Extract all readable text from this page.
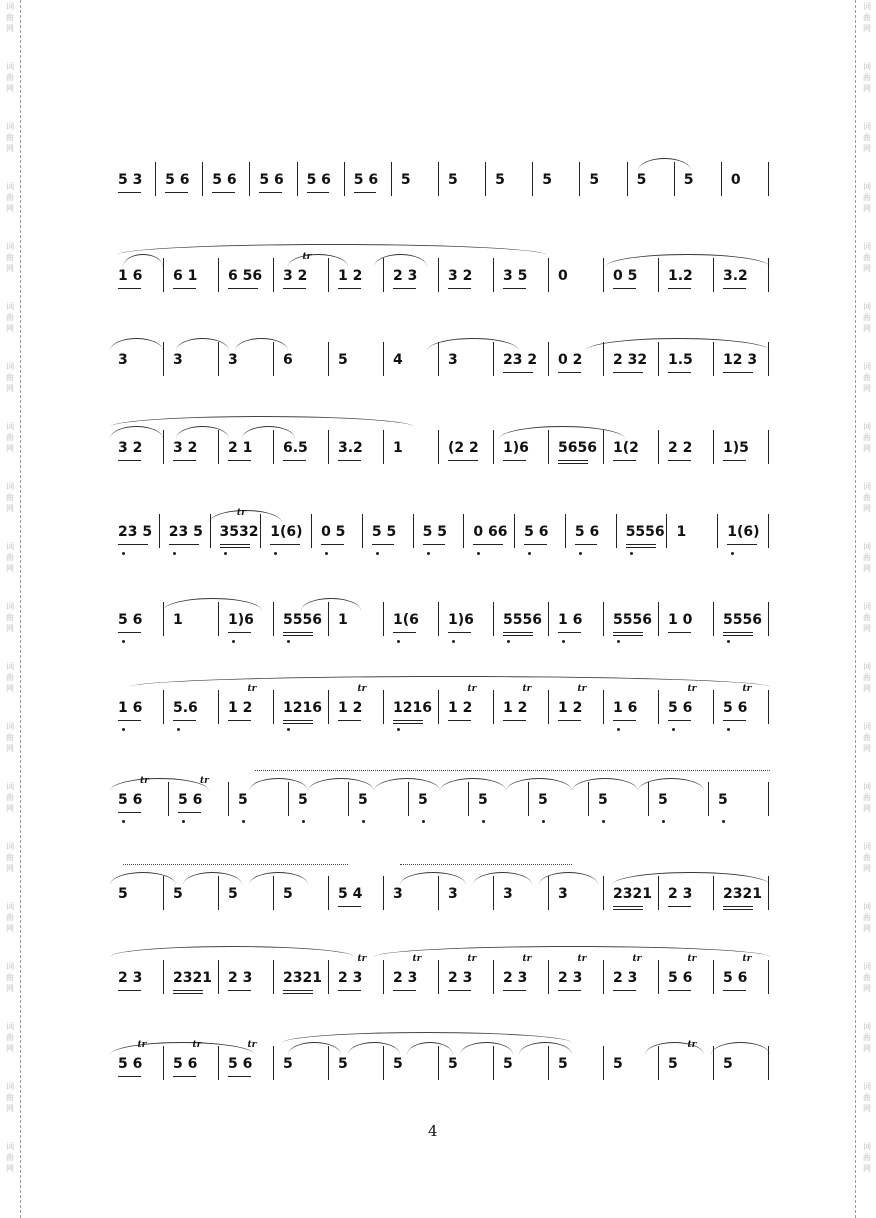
词
曲
网
词
曲
网
词
曲
网
词
曲
网
词
曲
网
词
曲
网
词
曲
网
词
曲
网
词
曲
网
词
曲
网
词
曲
网
词
曲
网
词
曲
网
词
曲
网
词
曲
网
词
曲
网
词
曲
网
词
曲
网
词
曲
网
词
曲
网
词
曲
网
词
曲
网
词
曲
网
词
曲
网
词
曲
网
词
曲
网
词
曲
网
词
曲
网
词
曲
网
词
曲
网
词
曲
网
词
曲
网
词
曲
网
词
曲
网
词
曲
网
词
曲
网
词
曲
网
词
曲
网
词
曲
网
词
曲
网
5 3 5 6 5 6 5 6 5 6 5 6 5	5	5	5	5	5	5	0
1 6 6 1 6 56 3 2 1 2 2 3 3 2 3 5 0	0 5 1.2 3.2
tr
3	3	3	6	5	4	3	23 2 0 2 2 32 1.5 12 3
3 2 3 2 2 1 6.5 3.2 1	(2 2 1)6 5656 1(2 2 2 1)5
23 5 23 5 3532 1(6) 0 5 5 5 5 5 0 66 5 6 5 6 5556 1	1(6)
tr
5 6 1	1)6 5556 1	1(6 1)6 5556 1 6 5556 1 0 5556
1 6 5.6 1 2 1216 1 2 1216 1 2 1 2 1 2 1 6 5 6 5 6
tr	tr	tr	tr	tr	tr	tr
5 6	5 6	5	5	5	5	5	5	5	5	5
tr	tr
5	5	5	5	5 4 3	3	3	3	2321 2 3 2321
2 3 2321 2 3 2321 2 3 2 3 2 3 2 3 2 3 2 3 5 6 5 6
tr	tr	tr	tr	tr	tr	tr	tr
5 6 5 6 5 6 5	5	5	5	5	5	5	5	5
tr	tr	tr	tr
4
